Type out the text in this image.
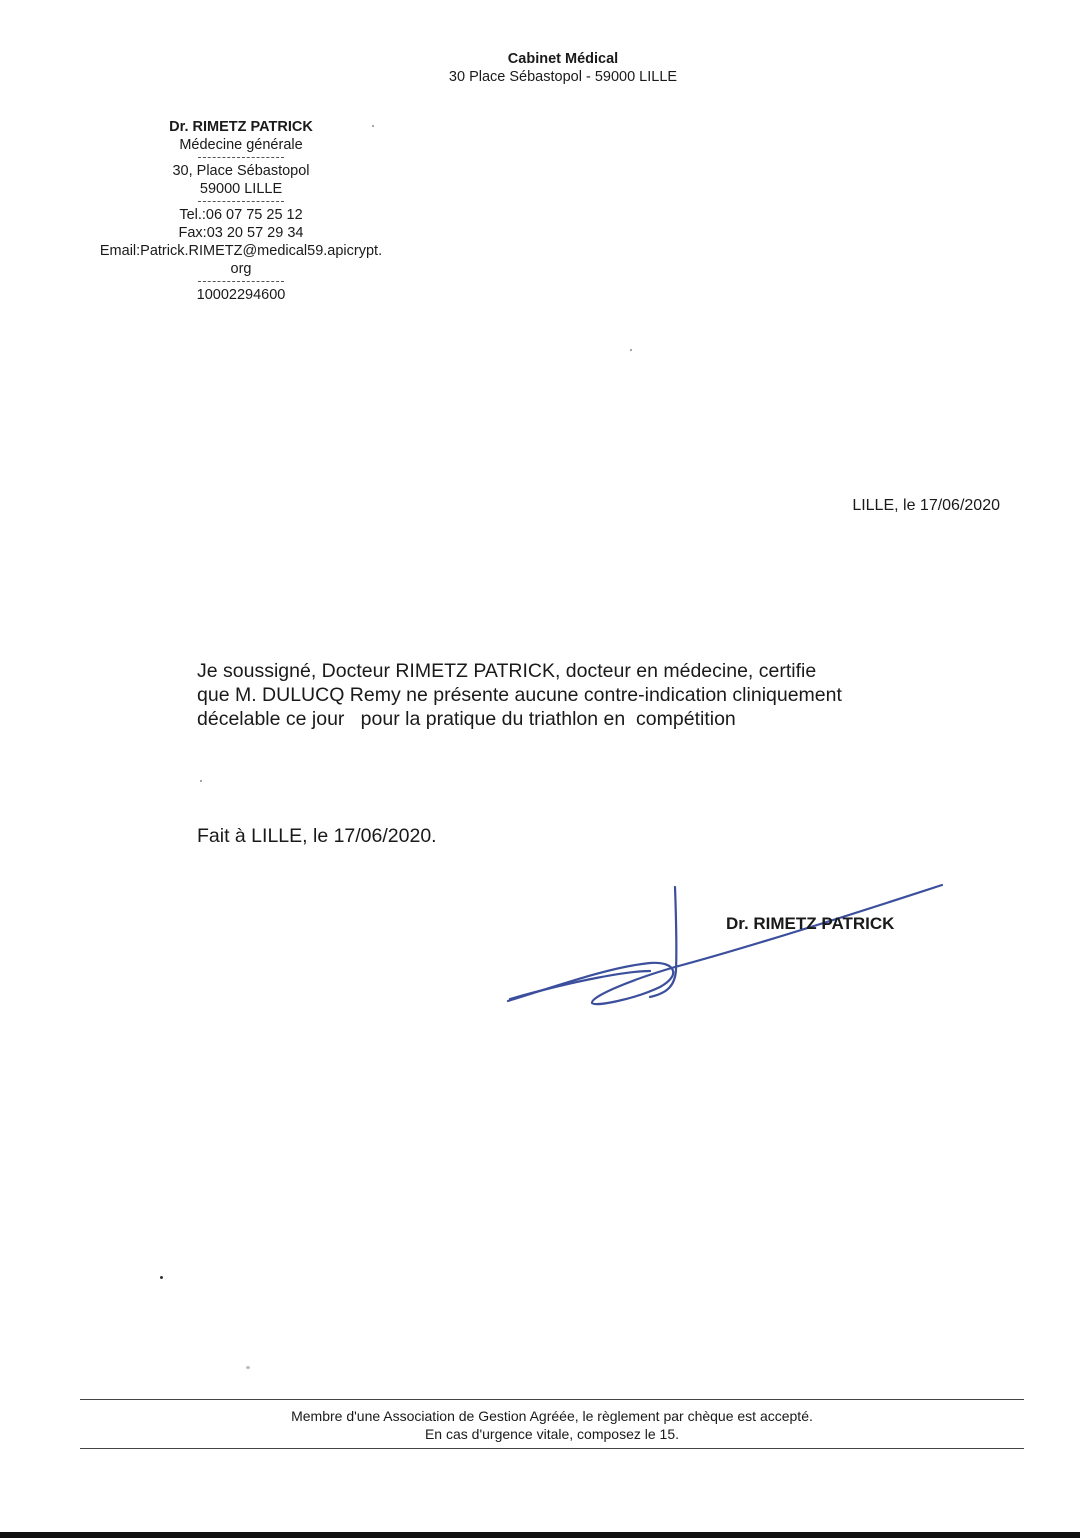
Cabinet Médical
30 Place Sébastopol - 59000 LILLE
Dr. RIMETZ PATRICK
Médecine générale
30, Place Sébastopol
59000 LILLE
Tel.:06 07 75 25 12
Fax:03 20 57 29 34
Email:Patrick.RIMETZ@medical59.apicrypt.
org
10002294600
LILLE, le 17/06/2020
Je soussigné, Docteur RIMETZ PATRICK, docteur en médecine, certifie
que M. DULUCQ Remy ne présente aucune contre-indication cliniquement
décelable ce jour   pour la pratique du triathlon en  compétition
Fait à LILLE, le 17/06/2020.
Dr. RIMETZ PATRICK
Membre d'une Association de Gestion Agréée, le règlement par chèque est accepté.
En cas d'urgence vitale, composez le 15.
